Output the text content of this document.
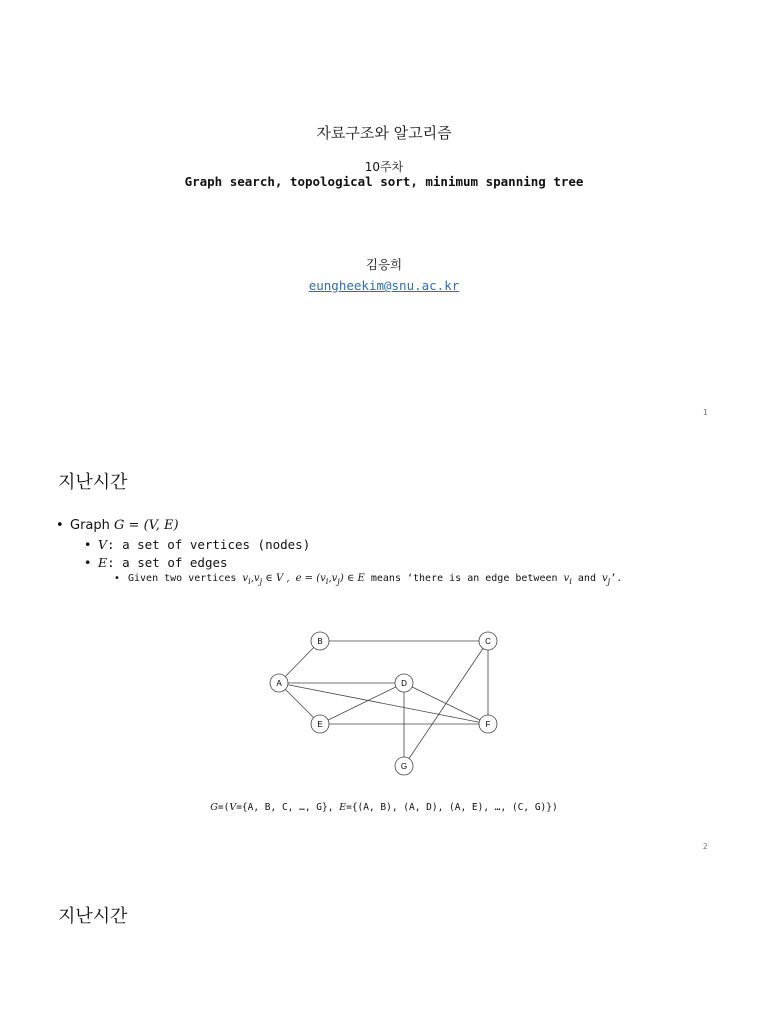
자료구조와 알고리즘
10주차
Graph search, topological sort, minimum spanning tree
김응희
eungheekim@snu.ac.kr
1
지난시간
• Graph G = (V, E)
• V: a set of vertices (nodes)
• E: a set of edges
• Given two vertices $v_i,v_j$ ∈ V , $e = (v_i,v_j)$ ∈ E means ‘there is an edge between $v_i$ and $v_j$’.
A
B	C
D
E	F
G
G=(V={A, B, C, …, G}, E={(A, B), (A, D), (A, E), …, (C, G)})
2
지난시간
